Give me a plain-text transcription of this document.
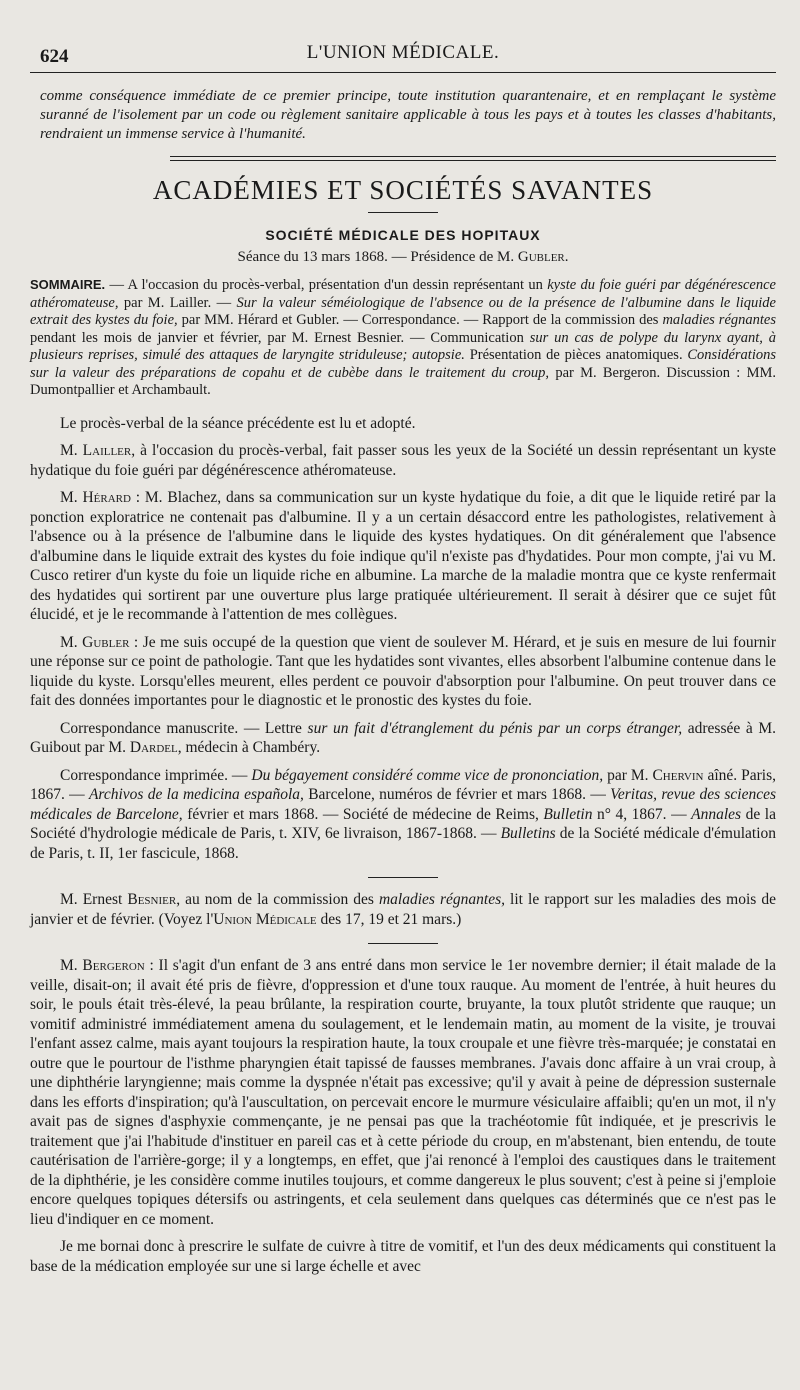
624	L'UNION MÉDICALE.

comme conséquence immédiate de ce premier principe, toute institution quarantenaire, et en remplaçant le système suranné de l'isolement par un code ou règlement sanitaire applicable à tous les pays et à toutes les classes d'habitants, rendraient un immense service à l'humanité.

ACADÉMIES ET SOCIÉTÉS SAVANTES
SOCIÉTÉ MÉDICALE DES HOPITAUX
Séance du 13 mars 1868. — Présidence de M. Gubler.

SOMMAIRE. — A l'occasion du procès-verbal, présentation d'un dessin représentant un kyste du foie guéri par dégénérescence athéromateuse, par M. Lailler. — Sur la valeur séméiologique de l'absence ou de la présence de l'albumine dans le liquide extrait des kystes du foie, par MM. Hérard et Gubler. — Correspondance. — Rapport de la commission des maladies régnantes pendant les mois de janvier et février, par M. Ernest Besnier. — Communication sur un cas de polype du larynx ayant, à plusieurs reprises, simulé des attaques de laryngite striduleuse; autopsie. Présentation de pièces anatomiques. Considérations sur la valeur des préparations de copahu et de cubèbe dans le traitement du croup, par M. Bergeron. Discussion : MM. Dumontpallier et Archambault.

Le procès-verbal de la séance précédente est lu et adopté.

M. Lailler, à l'occasion du procès-verbal, fait passer sous les yeux de la Société un dessin représentant un kyste hydatique du foie guéri par dégénérescence athéromateuse.

M. Hérard : M. Blachez, dans sa communication sur un kyste hydatique du foie, a dit que le liquide retiré par la ponction exploratrice ne contenait pas d'albumine. Il y a un certain désaccord entre les pathologistes, relativement à l'absence ou à la présence de l'albumine dans le liquide des kystes hydatiques. On dit généralement que l'absence d'albumine dans le liquide extrait des kystes du foie indique qu'il n'existe pas d'hydatides. Pour mon compte, j'ai vu M. Cusco retirer d'un kyste du foie un liquide riche en albumine. La marche de la maladie montra que ce kyste renfermait des hydatides qui sortirent par une ouverture plus large pratiquée ultérieurement. Il serait à désirer que ce sujet fût élucidé, et je le recommande à l'attention de mes collègues.

M. Gubler : Je me suis occupé de la question que vient de soulever M. Hérard, et je suis en mesure de lui fournir une réponse sur ce point de pathologie. Tant que les hydatides sont vivantes, elles absorbent l'albumine contenue dans le liquide du kyste. Lorsqu'elles meurent, elles perdent ce pouvoir d'absorption pour l'albumine. On peut trouver dans ce fait des données importantes pour le diagnostic et le pronostic des kystes du foie.

Correspondance manuscrite. — Lettre sur un fait d'étranglement du pénis par un corps étranger, adressée à M. Guibout par M. Dardel, médecin à Chambéry.

Correspondance imprimée. — Du bégayement considéré comme vice de prononciation, par M. Chervin aîné. Paris, 1867. — Archivos de la medicina española, Barcelone, numéros de février et mars 1868. — Veritas, revue des sciences médicales de Barcelone, février et mars 1868. — Société de médecine de Reims, Bulletin n° 4, 1867. — Annales de la Société d'hydrologie médicale de Paris, t. XIV, 6e livraison, 1867-1868. — Bulletins de la Société médicale d'émulation de Paris, t. II, 1er fascicule, 1868.

M. Ernest Besnier, au nom de la commission des maladies régnantes, lit le rapport sur les maladies des mois de janvier et de février. (Voyez l'Union Médicale des 17, 19 et 21 mars.)

M. Bergeron : Il s'agit d'un enfant de 3 ans entré dans mon service le 1er novembre dernier; il était malade de la veille, disait-on; il avait été pris de fièvre, d'oppression et d'une toux rauque. Au moment de l'entrée, à huit heures du soir, le pouls était très-élevé, la peau brûlante, la respiration courte, bruyante, la toux plutôt stridente que rauque; un vomitif administré immédiatement amena du soulagement, et le lendemain matin, au moment de la visite, je trouvai l'enfant assez calme, mais ayant toujours la respiration haute, la toux croupale et une fièvre très-marquée; je constatai en outre que le pourtour de l'isthme pharyngien était tapissé de fausses membranes. J'avais donc affaire à un vrai croup, à une diphthérie laryngienne; mais comme la dyspnée n'était pas excessive; qu'il y avait à peine de dépression susternale dans les efforts d'inspiration; qu'à l'auscultation, on percevait encore le murmure vésiculaire affaibli; qu'en un mot, il n'y avait pas de signes d'asphyxie commençante, je ne pensai pas que la trachéotomie fût indiquée, et je prescrivis le traitement que j'ai l'habitude d'instituer en pareil cas et à cette période du croup, en m'abstenant, bien entendu, de toute cautérisation de l'arrière-gorge; il y a longtemps, en effet, que j'ai renoncé à l'emploi des caustiques dans le traitement de la diphthérie, je les considère comme inutiles toujours, et comme dangereux le plus souvent; c'est à peine si j'emploie encore quelques topiques détersifs ou astringents, et cela seulement dans quelques cas déterminés que ce n'est pas le lieu d'indiquer en ce moment.

Je me bornai donc à prescrire le sulfate de cuivre à titre de vomitif, et l'un des deux médicaments qui constituent la base de la médication employée sur une si large échelle et avec
